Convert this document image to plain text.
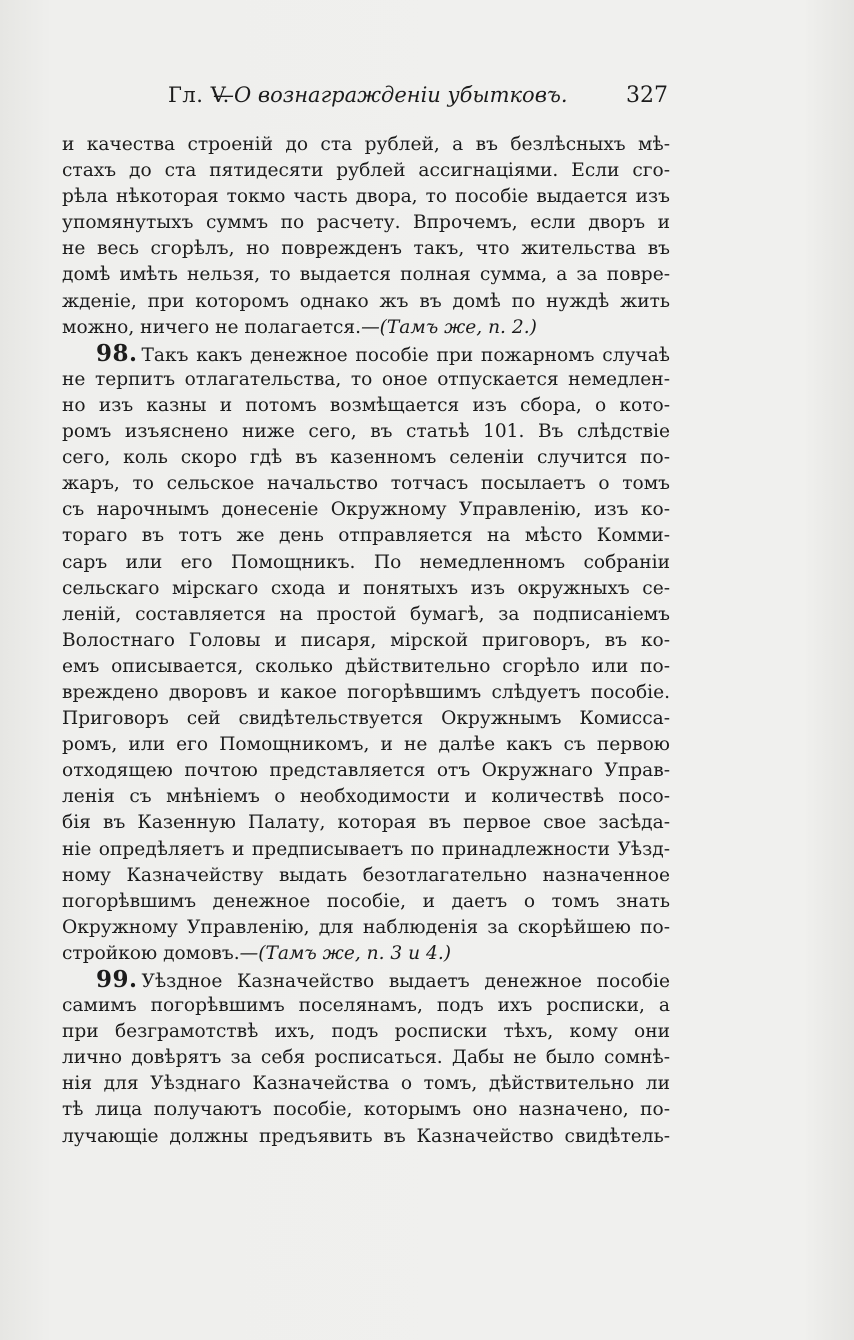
Гл. V.
—О вознагражденіи убытковъ.	327
и качества строеній до ста рублей, а въ безлѣсныхъ мѣ-
стахъ до ста пятидесяти рублей ассигнаціями. Если сго-
рѣла нѣкоторая токмо часть двора, то пособіе выдается изъ
упомянутыхъ суммъ по расчету. Впрочемъ, если дворъ и
не весь сгорѣлъ, но поврежденъ такъ, что жительства въ
домѣ имѣть нельзя, то выдается полная сумма, а за повре-
жденіе, при которомъ однако жъ въ домѣ по нуждѣ жить
можно, ничего не полагается.—(Тамъ же, п. 2.)
98. Такъ какъ денежное пособіе при пожарномъ случаѣ
не терпитъ отлагательства, то оное отпускается немедлен-
но изъ казны и потомъ возмѣщается изъ сбора, о кото-
ромъ изъяснено ниже сего, въ статьѣ 101. Въ слѣдствіе
сего, коль скоро гдѣ въ казенномъ селеніи случится по-
жаръ, то сельское начальство тотчасъ посылаетъ о томъ
съ нарочнымъ донесеніе Окружному Управленію, изъ ко-
тораго въ тотъ же день отправляется на мѣсто Комми-
саръ или его Помощникъ. По немедленномъ собраніи
сельскаго мірскаго схода и понятыхъ изъ окружныхъ се-
леній, составляется на простой бумагѣ, за подписаніемъ
Волостнаго Головы и писаря, мірской приговоръ, въ ко-
емъ описывается, сколько дѣйствительно сгорѣло или по-
вреждено дворовъ и какое погорѣвшимъ слѣдуетъ пособіе.
Приговоръ сей свидѣтельствуется Окружнымъ Комисса-
ромъ, или его Помощникомъ, и не далѣе какъ съ первою
отходящею почтою представляется отъ Окружнаго Управ-
ленія съ мнѣніемъ о необходимости и количествѣ посо-
бія въ Казенную Палату, которая въ первое свое засѣда-
ніе опредѣляетъ и предписываетъ по принадлежности Уѣзд-
ному Казначейству выдать безотлагательно назначенное
погорѣвшимъ денежное пособіе, и даетъ о томъ знать
Окружному Управленію, для наблюденія за скорѣйшею по-
стройкою домовъ.—(Тамъ же, п. 3 и 4.)
99. Уѣздное Казначейство выдаетъ денежное пособіе
самимъ погорѣвшимъ поселянамъ, подъ ихъ росписки, а
при безграмотствѣ ихъ, подъ росписки тѣхъ, кому они
лично довѣрятъ за себя росписаться. Дабы не было сомнѣ-
нія для Уѣзднаго Казначейства о томъ, дѣйствительно ли
тѣ лица получаютъ пособіе, которымъ оно назначено, по-
лучающіе должны предъявить въ Казначейство свидѣтель-
